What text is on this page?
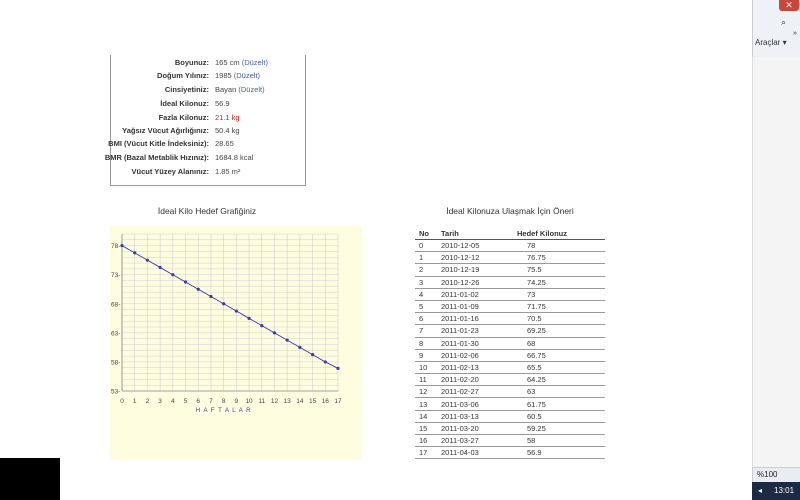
✕
⌕
»
Araçlar ▾
%100
13:01
◂
Boyunuz: 165 cm (Düzelt)
Doğum Yılınız: 1985 (Düzelt)
Cinsiyetiniz: Bayan (Düzelt)
İdeal Kilonuz: 56.9
Fazla Kilonuz: 21.1 kg
Yağsız Vücut Ağırlığınız: 50.4 kg
BMI (Vücut Kitle İndeksiniz): 28.65
BMR (Bazal Metablik Hızınız): 1684.8 kcal
Vücut Yüzey Alanınız: 1.85 m²
İdeal Kilo Hedef Grafiğiniz
53-
58-
63-
68-
73-
78-
0 1 2 3 4 5 6 7 8 9 10 11 12 13 14 15 16 17
H A F T A L A R
İdeal Kilonuza Ulaşmak İçin Öneri
No	Tarih	Hedef Kilonuz
0	2010-12-05	78
1	2010-12-12	76.75
2	2010-12-19	75.5
3	2010-12-26	74.25
4	2011-01-02	73
5	2011-01-09	71.75
6	2011-01-16	70.5
7	2011-01-23	69.25
8	2011-01-30	68
9	2011-02-06	66.75
10	2011-02-13	65.5
11	2011-02-20	64.25
12	2011-02-27	63
13	2011-03-06	61.75
14	2011-03-13	60.5
15	2011-03-20	59.25
16	2011-03-27	58
17	2011-04-03	56.9
